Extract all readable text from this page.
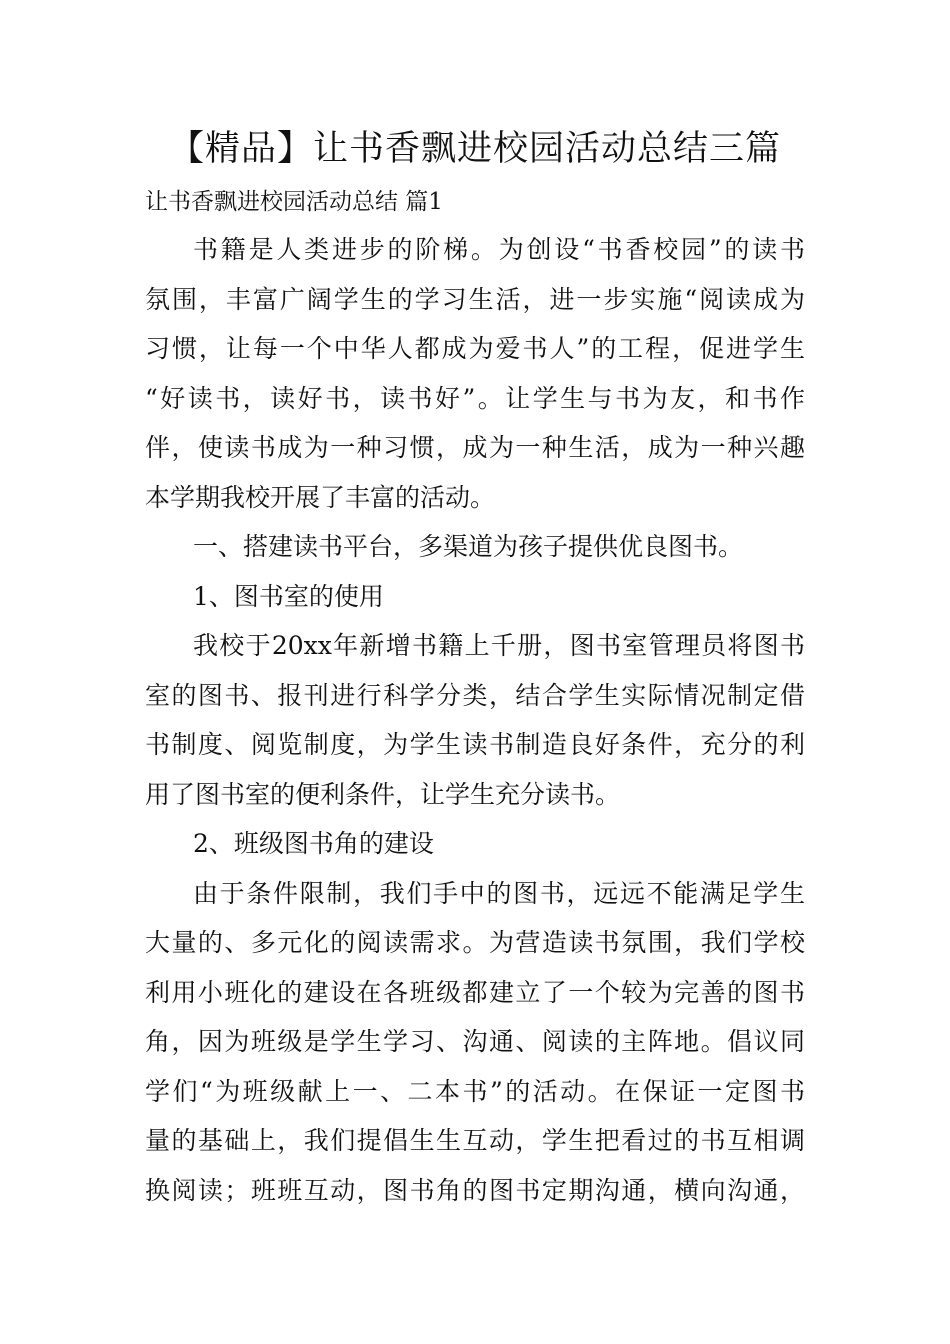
【精品】让书香飘进校园活动总结三篇
让书香飘进校园活动总结 篇1
书籍是人类进步的阶梯。为创设“书香校园”的读书
氛围，丰富广阔学生的学习生活，进一步实施“阅读成为
习惯，让每一个中华人都成为爱书人”的工程，促进学生
“好读书，读好书，读书好”。让学生与书为友，和书作
伴，使读书成为一种习惯，成为一种生活，成为一种兴趣
本学期我校开展了丰富的活动。
一、搭建读书平台，多渠道为孩子提供优良图书。
1、图书室的使用
我校于20xx年新增书籍上千册，图书室管理员将图书
室的图书、报刊进行科学分类，结合学生实际情况制定借
书制度、阅览制度，为学生读书制造良好条件，充分的利
用了图书室的便利条件，让学生充分读书。
2、班级图书角的建设
由于条件限制，我们手中的图书，远远不能满足学生
大量的、多元化的阅读需求。为营造读书氛围，我们学校
利用小班化的建设在各班级都建立了一个较为完善的图书
角，因为班级是学生学习、沟通、阅读的主阵地。倡议同
学们“为班级献上一、二本书”的活动。在保证一定图书
量的基础上，我们提倡生生互动，学生把看过的书互相调
换阅读；班班互动，图书角的图书定期沟通，横向沟通，
